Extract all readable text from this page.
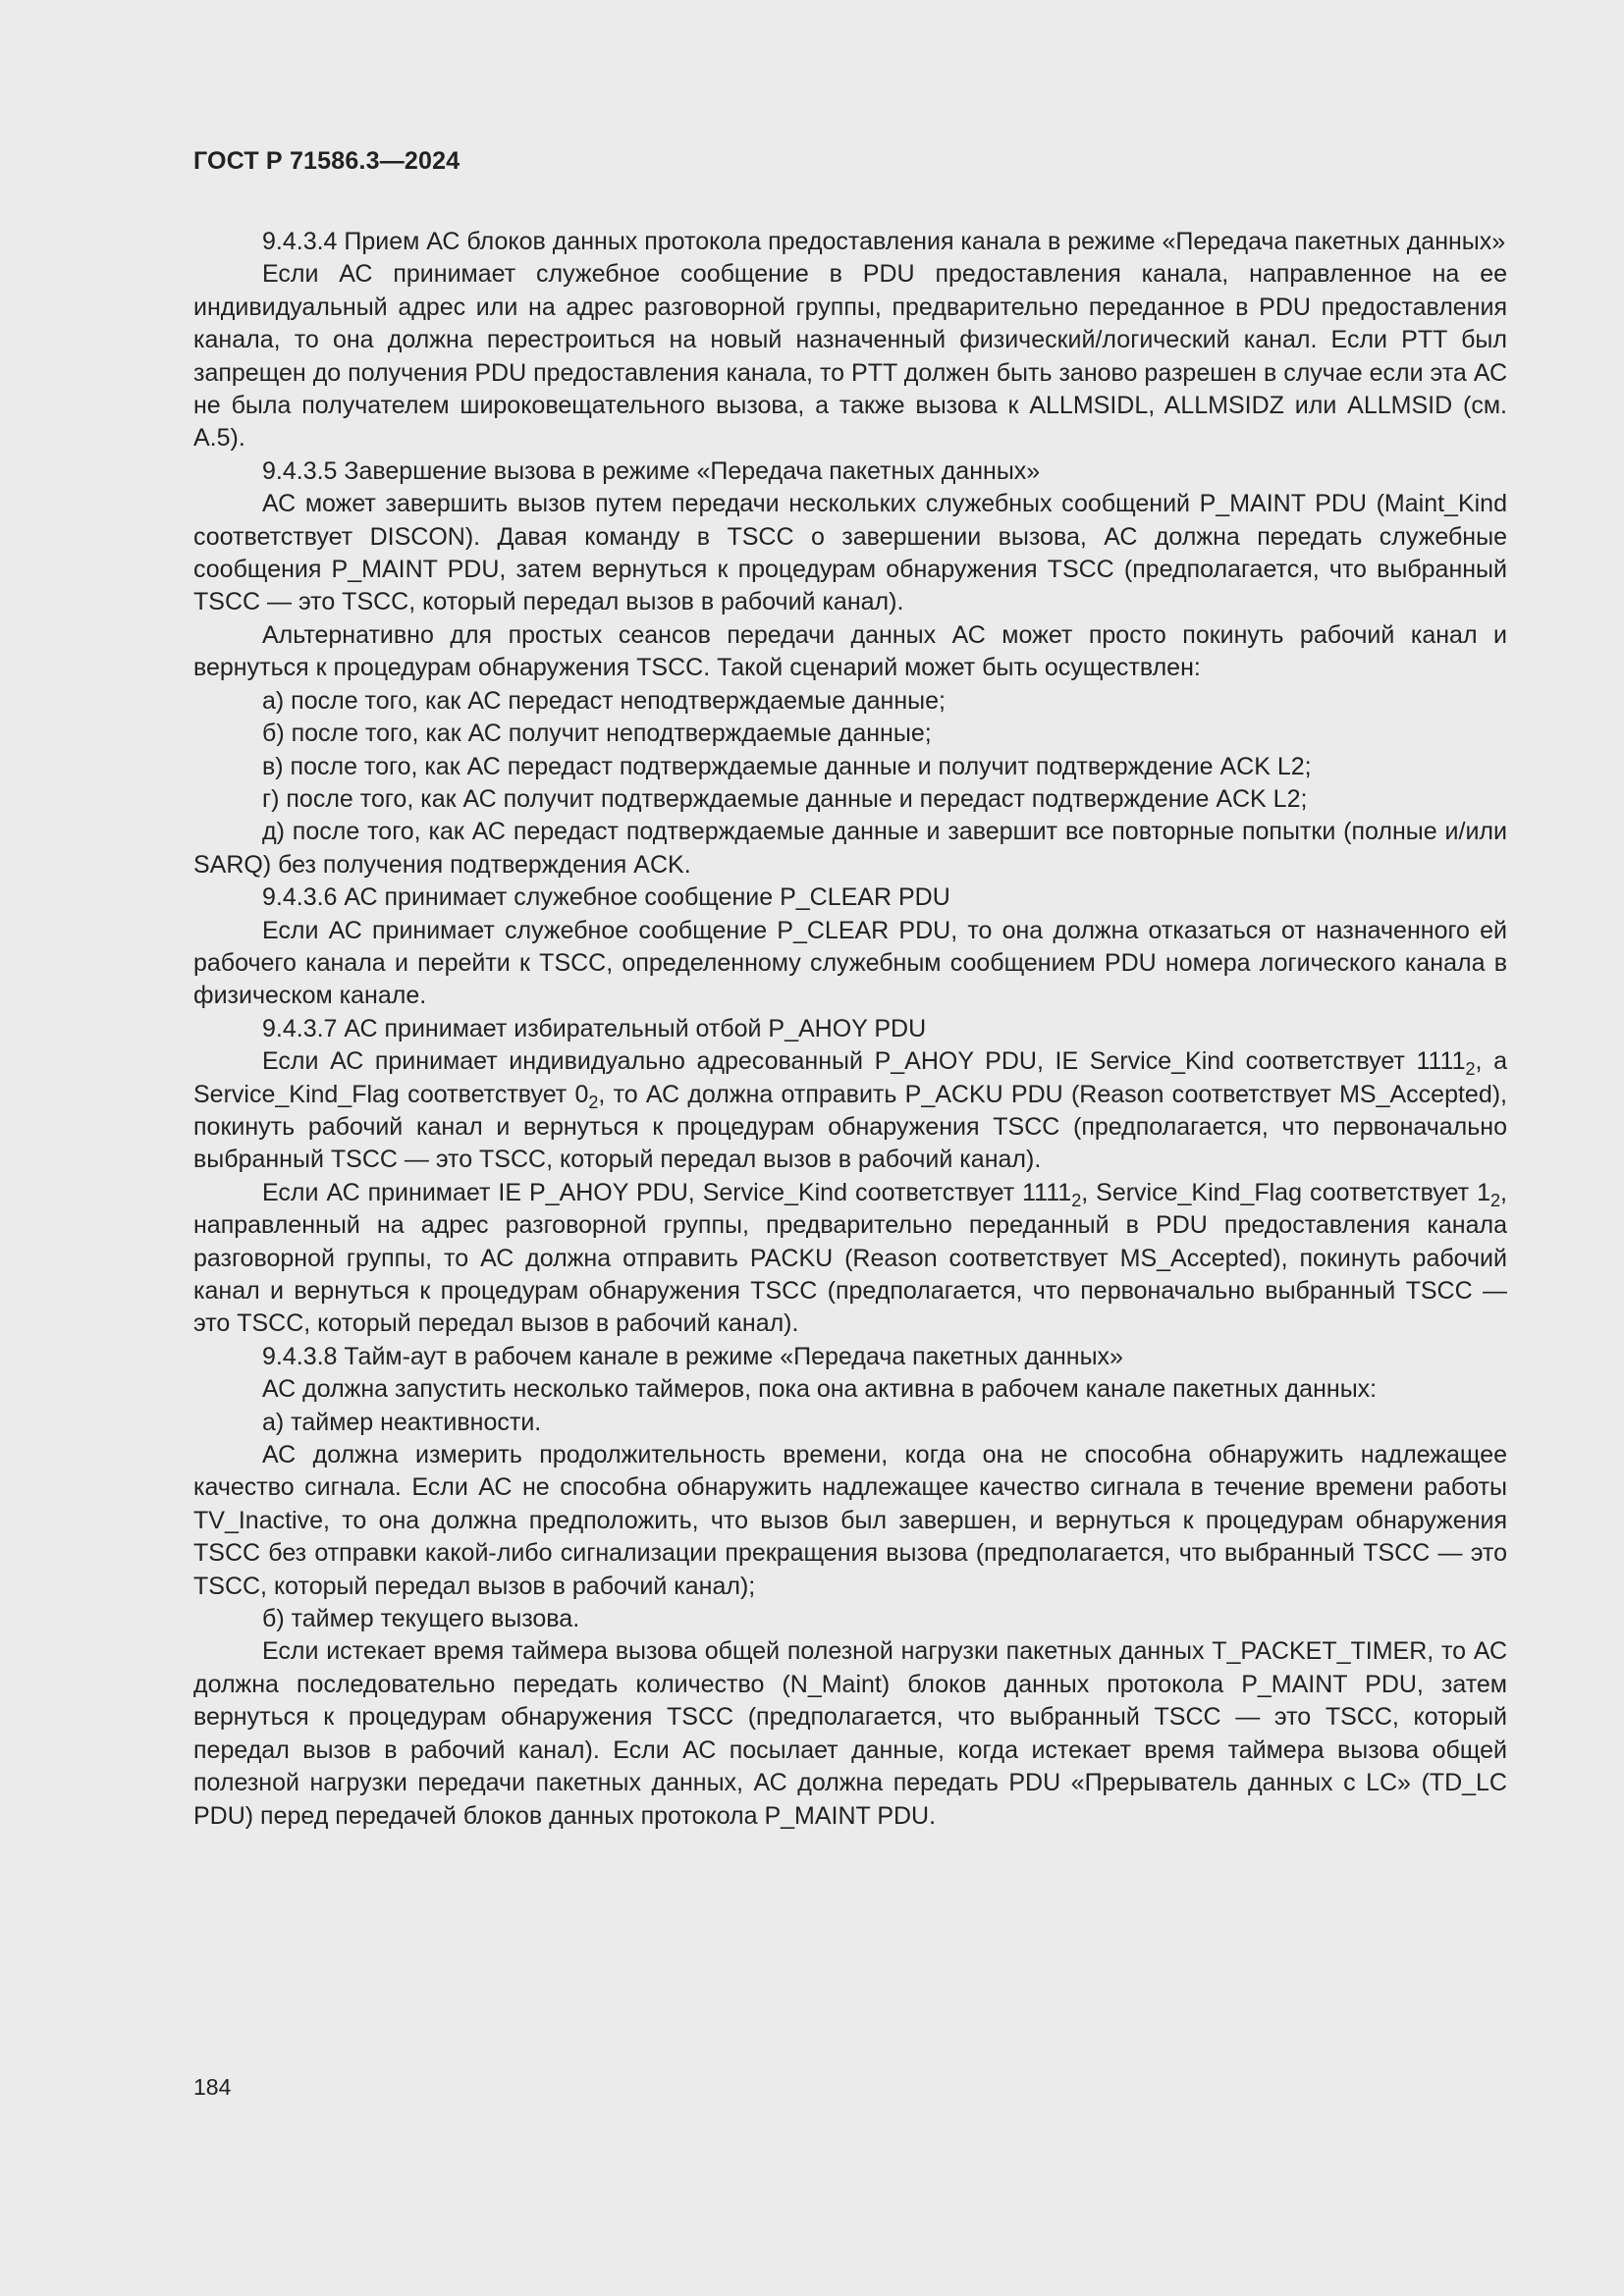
ГОСТ Р 71586.3—2024

9.4.3.4 Прием АС блоков данных протокола предоставления канала в режиме «Передача пакетных данных»

Если АС принимает служебное сообщение в PDU предоставления канала, направленное на ее индивидуальный адрес или на адрес разговорной группы, предварительно переданное в PDU предоставления канала, то она должна перестроиться на новый назначенный физический/логический канал. Если PTT был запрещен до получения PDU предоставления канала, то PTT должен быть заново разрешен в случае если эта АС не была получателем широковещательного вызова, а также вызова к ALLMSIDL, ALLMSIDZ или ALLMSID (см. А.5).

9.4.3.5 Завершение вызова в режиме «Передача пакетных данных»

АС может завершить вызов путем передачи нескольких служебных сообщений P_MAINT PDU (Maint_Kind соответствует DISCON). Давая команду в TSCC о завершении вызова, АС должна передать служебные сообщения P_MAINT PDU, затем вернуться к процедурам обнаружения TSCC (предполагается, что выбранный TSCC — это TSCC, который передал вызов в рабочий канал).

Альтернативно для простых сеансов передачи данных АС может просто покинуть рабочий канал и вернуться к процедурам обнаружения TSCC. Такой сценарий может быть осуществлен:

а) после того, как АС передаст неподтверждаемые данные;

б) после того, как АС получит неподтверждаемые данные;

в) после того, как АС передаст подтверждаемые данные и получит подтверждение ACK L2;

г) после того, как АС получит подтверждаемые данные и передаст подтверждение ACK L2;

д) после того, как АС передаст подтверждаемые данные и завершит все повторные попытки (полные и/или SARQ) без получения подтверждения ACK.

9.4.3.6 АС принимает служебное сообщение P_CLEAR PDU

Если АС принимает служебное сообщение P_CLEAR PDU, то она должна отказаться от назначенного ей рабочего канала и перейти к TSCC, определенному служебным сообщением PDU номера логического канала в физическом канале.

9.4.3.7 АС принимает избирательный отбой P_AHOY PDU

Если АС принимает индивидуально адресованный P_AHOY PDU, IE Service_Kind соответствует $1111_2$, а Service_Kind_Flag соответствует $0_2$, то АС должна отправить P_ACKU PDU (Reason соответствует MS_Accepted), покинуть рабочий канал и вернуться к процедурам обнаружения TSCC (предполагается, что первоначально выбранный TSCC — это TSCC, который передал вызов в рабочий канал).

Если АС принимает IE P_AHOY PDU, Service_Kind соответствует $1111_2$, Service_Kind_Flag соответствует $1_2$, направленный на адрес разговорной группы, предварительно переданный в PDU предоставления канала разговорной группы, то АС должна отправить PACKU (Reason соответствует MS_Accepted), покинуть рабочий канал и вернуться к процедурам обнаружения TSCC (предполагается, что первоначально выбранный TSCC — это TSCC, который передал вызов в рабочий канал).

9.4.3.8 Тайм-аут в рабочем канале в режиме «Передача пакетных данных»

АС должна запустить несколько таймеров, пока она активна в рабочем канале пакетных данных:

а) таймер неактивности.

АС должна измерить продолжительность времени, когда она не способна обнаружить надлежащее качество сигнала. Если АС не способна обнаружить надлежащее качество сигнала в течение времени работы TV_Inactive, то она должна предположить, что вызов был завершен, и вернуться к процедурам обнаружения TSCC без отправки какой-либо сигнализации прекращения вызова (предполагается, что выбранный TSCC — это TSCC, который передал вызов в рабочий канал);

б) таймер текущего вызова.

Если истекает время таймера вызова общей полезной нагрузки пакетных данных T_PACKET_TIMER, то АС должна последовательно передать количество (N_Maint) блоков данных протокола P_MAINT PDU, затем вернуться к процедурам обнаружения TSCC (предполагается, что выбранный TSCC — это TSCC, который передал вызов в рабочий канал). Если АС посылает данные, когда истекает время таймера вызова общей полезной нагрузки передачи пакетных данных, АС должна передать PDU «Прерыватель данных с LC» (TD_LC PDU) перед передачей блоков данных протокола P_MAINT PDU.

184
